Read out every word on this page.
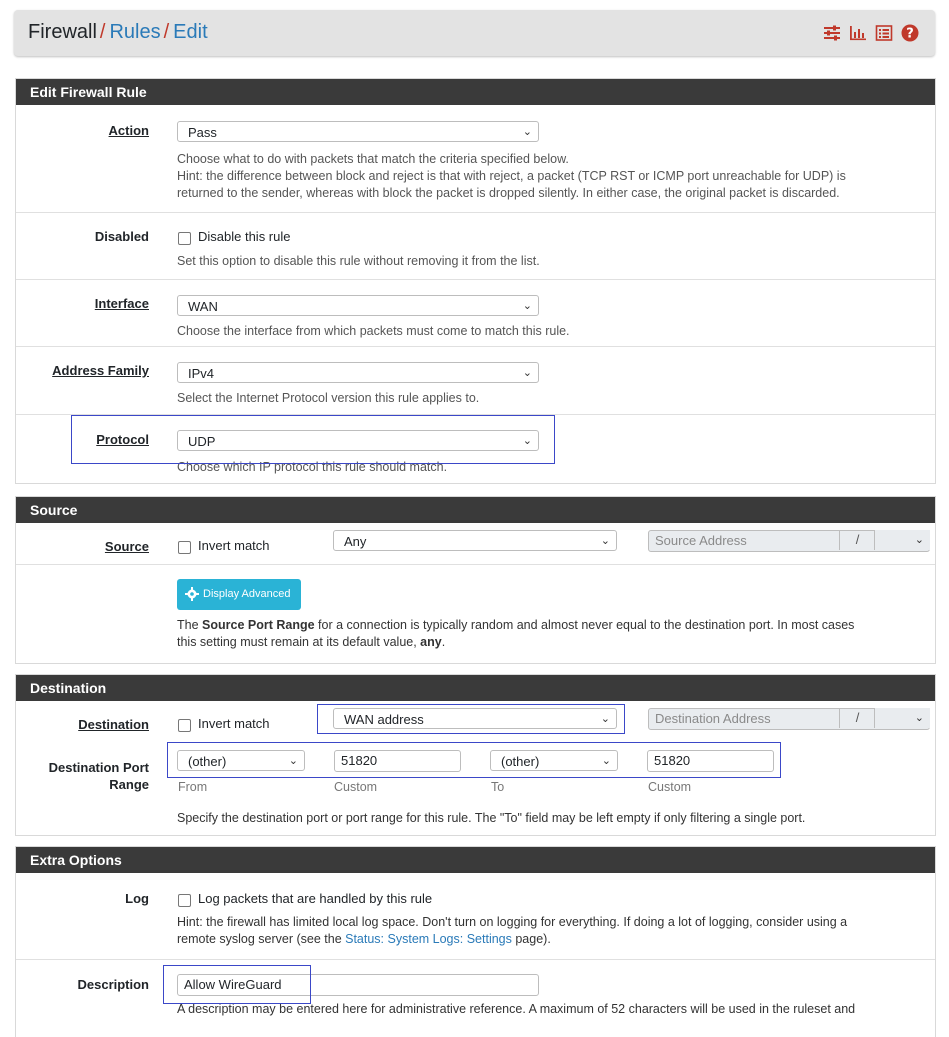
Firewall / Rules / Edit	?
Edit Firewall Rule
Action	Pass	⌄
Choose what to do with packets that match the criteria specified below.
Hint: the difference between block and reject is that with reject, a packet (TCP RST or ICMP port unreachable for UDP) is
returned to the sender, whereas with block the packet is dropped silently. In either case, the original packet is discarded.
Disabled	Disable this rule
Set this option to disable this rule without removing it from the list.
Interface	WAN	⌄
Choose the interface from which packets must come to match this rule.
Address Family	IPv4	⌄
Select the Internet Protocol version this rule applies to.
Protocol	UDP	⌄
Choose which IP protocol this rule should match.
Source
Source	Invert match	Any	⌄	Source Address	/	⌄
Display Advanced
The Source Port Range for a connection is typically random and almost never equal to the destination port. In most cases
this setting must remain at its default value, any.
Destination
Destination	Invert match	WAN address	⌄	Destination Address	/	⌄
Destination Port
Range
(other)	⌄	51820	(other)	⌄	51820
From	Custom	To	Custom
Specify the destination port or port range for this rule. The "To" field may be left empty if only filtering a single port.
Extra Options
Log	Log packets that are handled by this rule
Hint: the firewall has limited local log space. Don't turn on logging for everything. If doing a lot of logging, consider using a
remote syslog server (see the Status: System Logs: Settings page).
Description	Allow WireGuard
A description may be entered here for administrative reference. A maximum of 52 characters will be used in the ruleset and
